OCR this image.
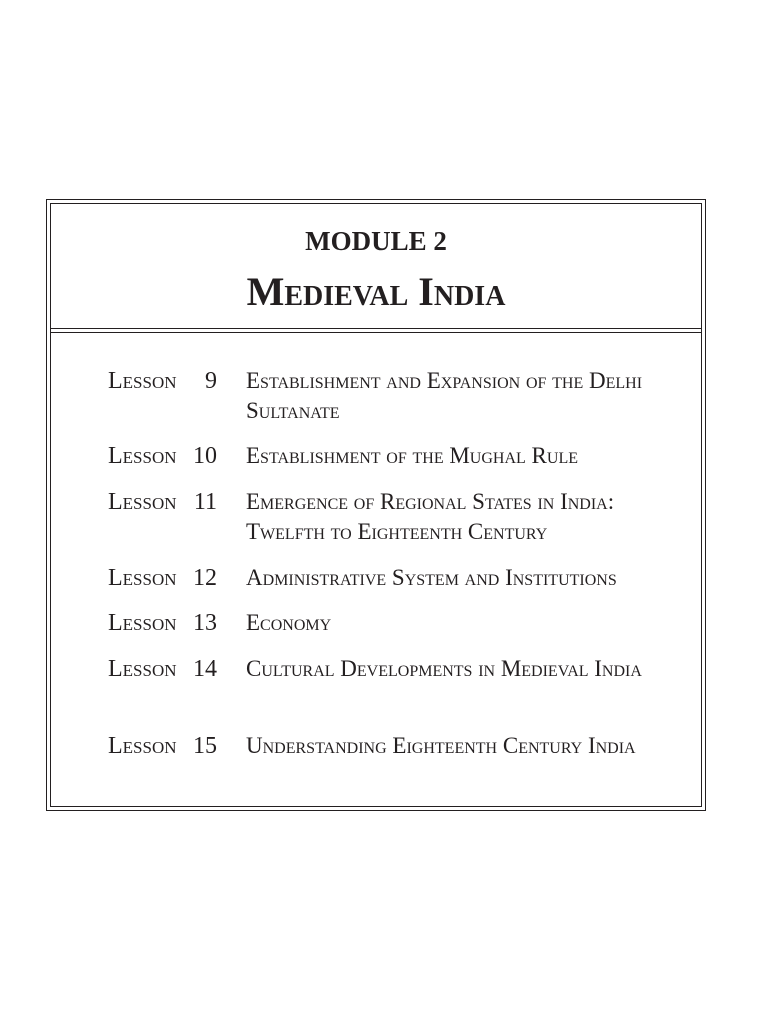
MODULE 2
Medieval India
Lesson	9 Establishment and Expansion of the Delhi Sultanate
Lesson 10 Establishment of the Mughal Rule
Lesson 11 Emergence of Regional States in India: Twelfth to Eighteenth Century
Lesson 12 Administrative System and Institutions
Lesson 13 Economy
Lesson 14 Cultural Developments in Medieval India
Lesson 15 Understanding Eighteenth Century India
